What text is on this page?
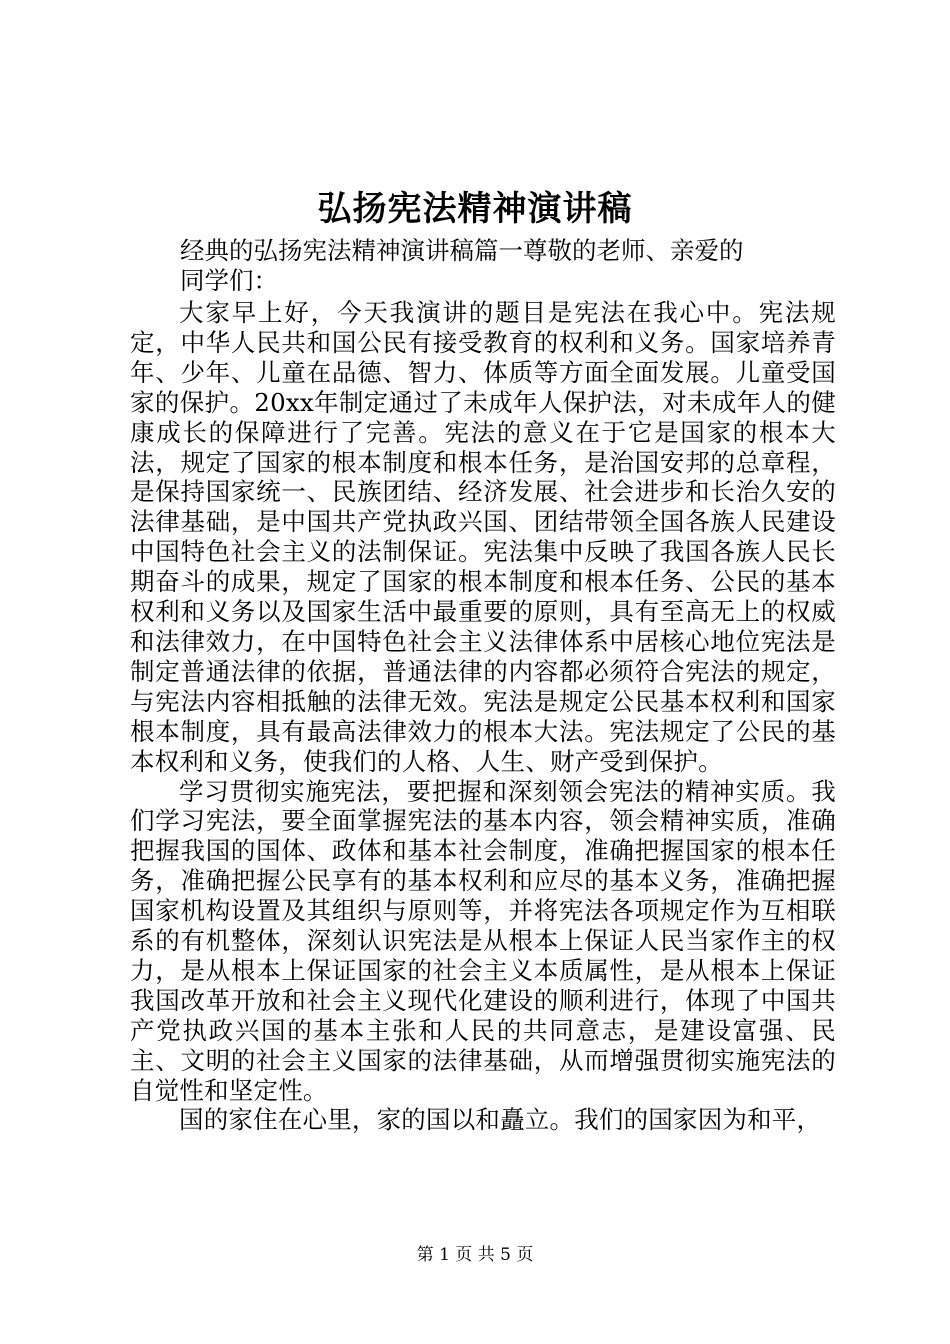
弘扬宪法精神演讲稿
经典的弘扬宪法精神演讲稿篇一尊敬的老师、亲爱的
同学们：

大家早上好，今天我演讲的题目是宪法在我心中。宪法规定，中华人民共和国公民有接受教育的权利和义务。国家培养青年、少年、儿童在品德、智力、体质等方面全面发展。儿童受国家的保护。20xx年制定通过了未成年人保护法，对未成年人的健康成长的保障进行了完善。宪法的意义在于它是国家的根本大法，规定了国家的根本制度和根本任务，是治国安邦的总章程，是保持国家统一、民族团结、经济发展、社会进步和长治久安的法律基础，是中国共产党执政兴国、团结带领全国各族人民建设中国特色社会主义的法制保证。宪法集中反映了我国各族人民长期奋斗的成果，规定了国家的根本制度和根本任务、公民的基本权利和义务以及国家生活中最重要的原则，具有至高无上的权威和法律效力，在中国特色社会主义法律体系中居核心地位宪法是制定普通法律的依据，普通法律的内容都必须符合宪法的规定，与宪法内容相抵触的法律无效。宪法是规定公民基本权利和国家根本制度，具有最高法律效力的根本大法。宪法规定了公民的基本权利和义务，使我们的人格、人生、财产受到保护。

学习贯彻实施宪法，要把握和深刻领会宪法的精神实质。我们学习宪法，要全面掌握宪法的基本内容，领会精神实质，准确把握我国的国体、政体和基本社会制度，准确把握国家的根本任务，准确把握公民享有的基本权利和应尽的基本义务，准确把握国家机构设置及其组织与原则等，并将宪法各项规定作为互相联系的有机整体，深刻认识宪法是从根本上保证人民当家作主的权力，是从根本上保证国家的社会主义本质属性，是从根本上保证我国改革开放和社会主义现代化建设的顺利进行，体现了中国共产党执政兴国的基本主张和人民的共同意志，是建设富强、民主、文明的社会主义国家的法律基础，从而增强贯彻实施宪法的自觉性和坚定性。

国的家住在心里，家的国以和矗立。我们的国家因为和平，

第 1 页 共 5 页
